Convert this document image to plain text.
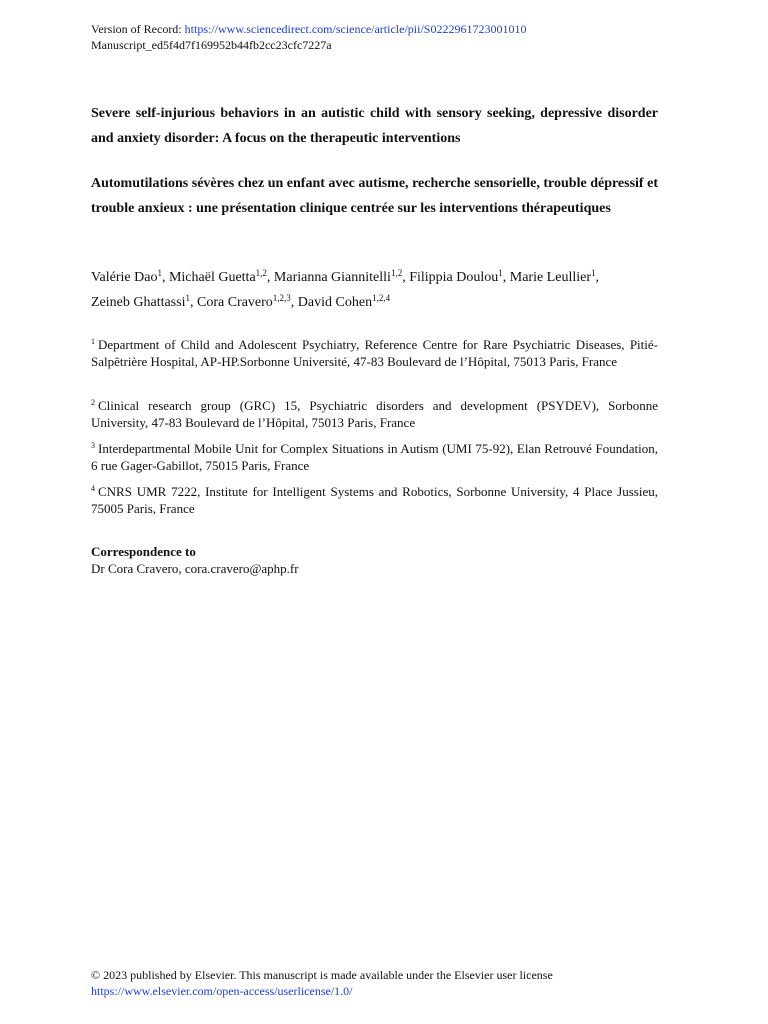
Version of Record: https://www.sciencedirect.com/science/article/pii/S0222961723001010
Manuscript_ed5f4d7f169952b44fb2cc23cfc7227a
Severe self-injurious behaviors in an autistic child with sensory seeking, depressive disorder and anxiety disorder: A focus on the therapeutic interventions
Automutilations sévères chez un enfant avec autisme, recherche sensorielle, trouble dépressif et trouble anxieux : une présentation clinique centrée sur les interventions thérapeutiques
Valérie Dao$^1$, Michaël Guetta$^{1,2}$, Marianna Giannitelli$^{1,2}$, Filippia Doulou$^1$, Marie Leullier$^1$,
Zeineb Ghattassi$^1$, Cora Cravero$^{1,2,3}$, David Cohen$^{1,2,4}$
$^1$ Department of Child and Adolescent Psychiatry, Reference Centre for Rare Psychiatric Diseases, Pitié-Salpêtrière Hospital, AP-HP.Sorbonne Université, 47-83 Boulevard de l’Hôpital, 75013 Paris, France
$^2$ Clinical research group (GRC) 15, Psychiatric disorders and development (PSYDEV), Sorbonne University, 47-83 Boulevard de l’Hôpital, 75013 Paris, France
$^3$ Interdepartmental Mobile Unit for Complex Situations in Autism (UMI 75-92), Elan Retrouvé Foundation, 6 rue Gager-Gabillot, 75015 Paris, France
$^4$ CNRS UMR 7222, Institute for Intelligent Systems and Robotics, Sorbonne University, 4 Place Jussieu, 75005 Paris, France
Correspondence to
Dr Cora Cravero, cora.cravero@aphp.fr
© 2023 published by Elsevier. This manuscript is made available under the Elsevier user license
https://www.elsevier.com/open-access/userlicense/1.0/
